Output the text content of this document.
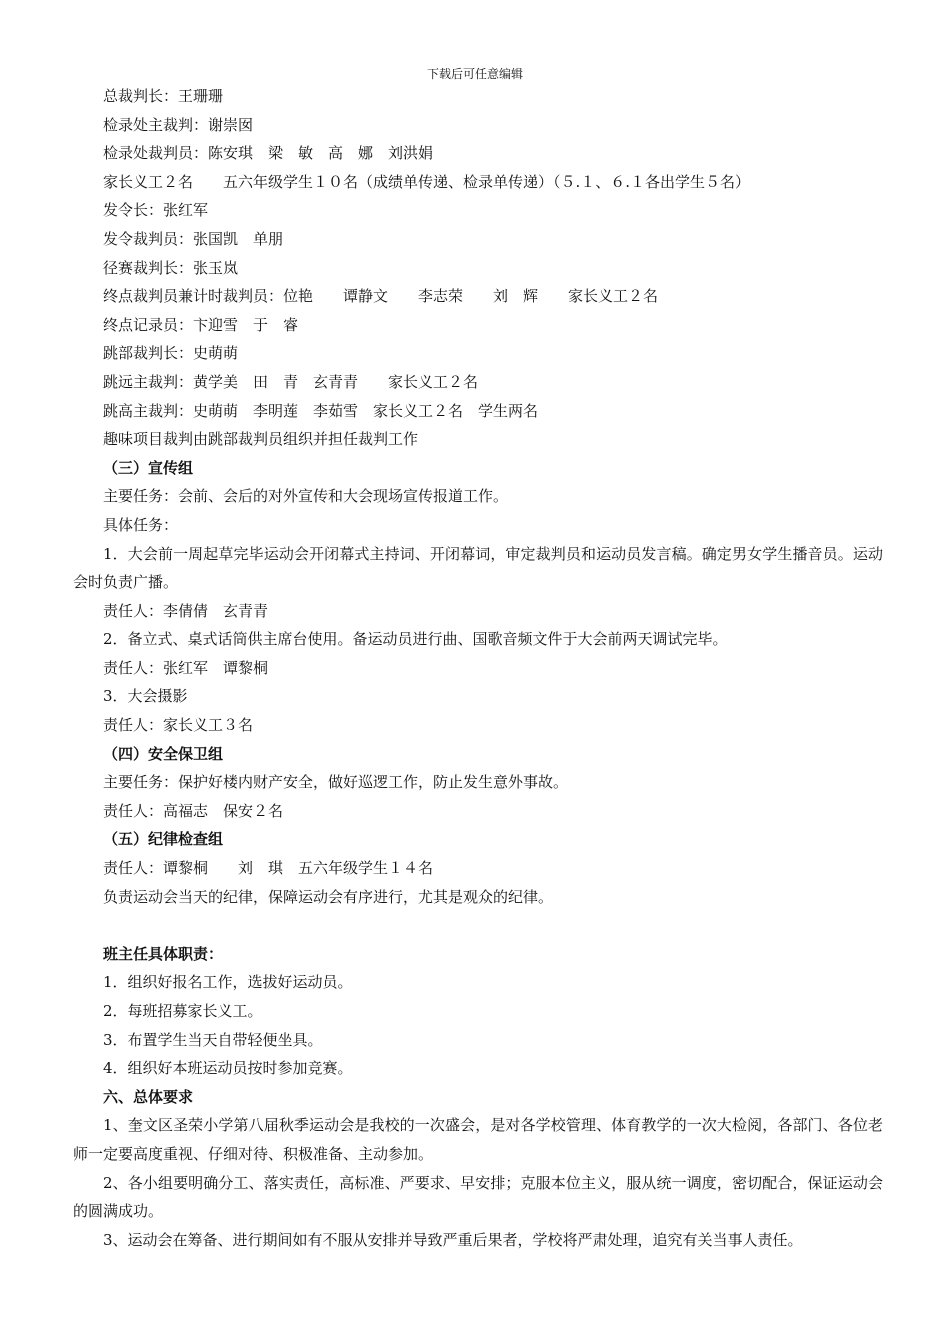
下载后可任意编辑
总裁判长：王珊珊
检录处主裁判：谢崇囡
检录处裁判员：陈安琪　梁　敏　高　娜　刘洪娟
家长义工２名　　五六年级学生１０名（成绩单传递、检录单传递）（５.１、６.１各出学生５名）
发令长：张红军
发令裁判员：张国凯　单朋
径赛裁判长：张玉岚
终点裁判员兼计时裁判员：位艳　　谭静文　　李志荣　　刘　辉　　家长义工２名
终点记录员：卞迎雪　于　睿
跳部裁判长：史萌萌
跳远主裁判：黄学美　田　青　玄青青　　家长义工２名
跳高主裁判：史萌萌　李明莲　李茹雪　家长义工２名　学生两名
趣味项目裁判由跳部裁判员组织并担任裁判工作
（三）宣传组
主要任务：会前、会后的对外宣传和大会现场宣传报道工作。
具体任务：
1．大会前一周起草完毕运动会开闭幕式主持词、开闭幕词，审定裁判员和运动员发言稿。确定男女学生播音员。运动会时负责广播。
责任人：李倩倩　玄青青
2．备立式、桌式话筒供主席台使用。备运动员进行曲、国歌音频文件于大会前两天调试完毕。
责任人：张红军　谭黎桐
3．大会摄影
责任人：家长义工３名
（四）安全保卫组
主要任务：保护好楼内财产安全，做好巡逻工作，防止发生意外事故。
责任人：高福志　保安２名
（五）纪律检查组
责任人：谭黎桐　　刘　琪　五六年级学生１４名
负责运动会当天的纪律，保障运动会有序进行，尤其是观众的纪律。
班主任具体职责：
1．组织好报名工作，选拔好运动员。
2．每班招募家长义工。
3．布置学生当天自带轻便坐具。
4．组织好本班运动员按时参加竞赛。
六、总体要求
1、奎文区圣荣小学第八届秋季运动会是我校的一次盛会，是对各学校管理、体育教学的一次大检阅，各部门、各位老师一定要高度重视、仔细对待、积极准备、主动参加。
2、各小组要明确分工、落实责任，高标准、严要求、早安排；克服本位主义，服从统一调度，密切配合，保证运动会的圆满成功。
3、运动会在筹备、进行期间如有不服从安排并导致严重后果者，学校将严肃处理，追究有关当事人责任。
